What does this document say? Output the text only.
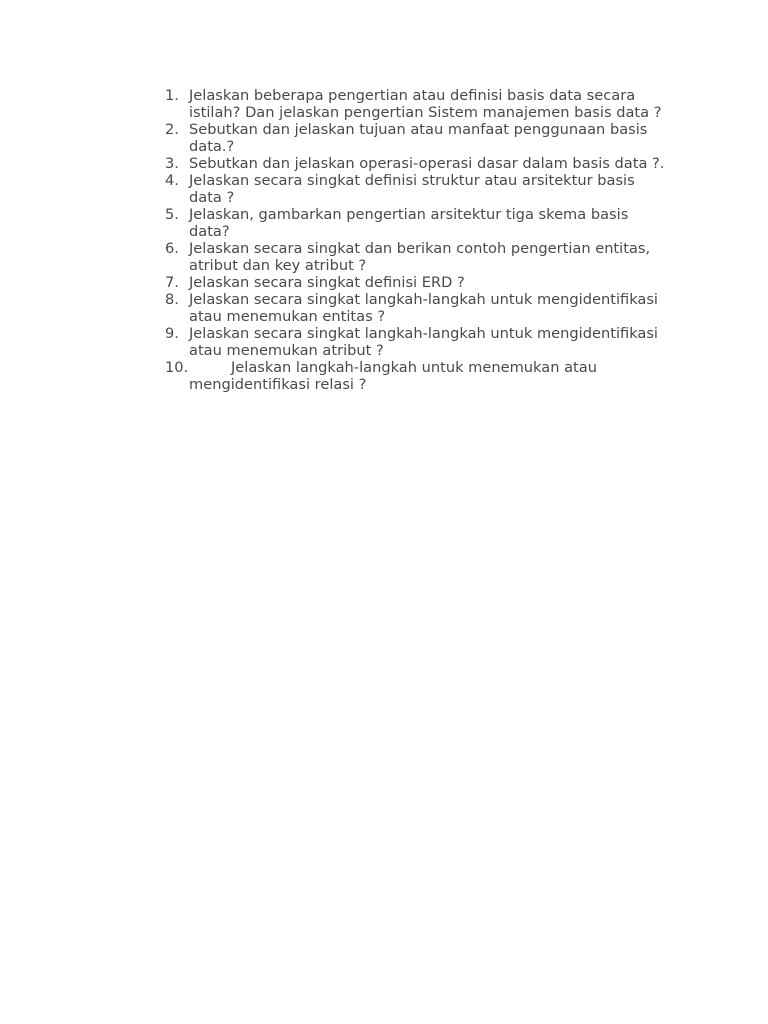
1. Jelaskan beberapa pengertian atau definisi basis data secara istilah? Dan jelaskan pengertian Sistem manajemen basis data ?
2. Sebutkan dan jelaskan tujuan atau manfaat penggunaan basis data.?
3. Sebutkan dan jelaskan operasi-operasi dasar dalam basis data ?.
4. Jelaskan secara singkat definisi struktur atau arsitektur basis data ?
5. Jelaskan, gambarkan pengertian arsitektur tiga skema basis data?
6. Jelaskan secara singkat dan berikan contoh pengertian entitas, atribut dan key atribut ?
7. Jelaskan secara singkat definisi ERD ?
8. Jelaskan secara singkat langkah-langkah untuk mengidentifikasi atau menemukan entitas ?
9. Jelaskan secara singkat langkah-langkah untuk mengidentifikasi atau menemukan atribut ?
10.	Jelaskan langkah-langkah untuk menemukan atau mengidentifikasi relasi ?
